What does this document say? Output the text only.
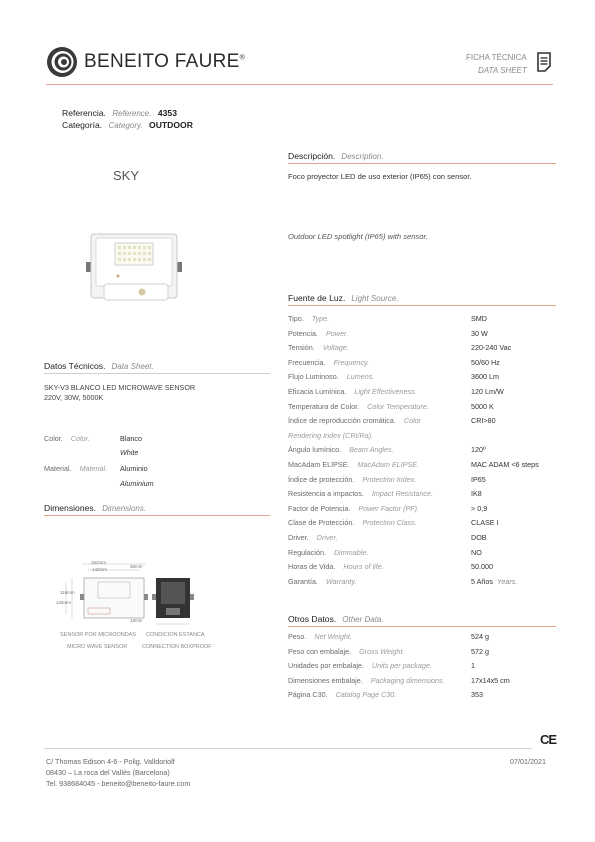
BENEITO FAURE®	FICHA TÉCNICA
DATA SHEET
Referencia. Reference. 4353
Categoría. Category. OUTDOOR
SKY
Datos Técnicos. Data Sheet.
SKY-V3 BLANCO LED MICROWAVE SENSOR
220V, 30W, 5000K
Color. Color.	Blanco
White
Material. Material. Aluminio
Aluminium
Dimensiones. Dimensions.
162mm
142mm
36mm
118mm
126mm
18mm
SENSOR POR MICROONDAS
MICRO WAVE SENSOR
CONDICION ESTANCA
CONNECTION BOXPROOF
Descripción. Description.
Foco proyector LED de uso exterior (IP65) con sensor.
Outdoor LED spotlight (IP65) with sensor.
Fuente de Luz. Light Source.
Tipo. Type.	SMD
Potencia. Power.	30 W
Tensión. Voltage.	220-240 Vac
Frecuencia. Frequency.	50/60 Hz
Flujo Luminoso. Lumens.	3600 Lm
Eficacia Lumínica. Light Effectiveness.	120 Lm/W
Temperatura de Color. Color Temperature.	5000 K
Índice de reproducción cromática. Color	CRI>80
Rendering Index (CRI/Ra).
Ángulo lumínico. Beam Angles.	120º
MacAdam ELIPSE. MacAdam ELIPSE.	MAC ADAM <6 steps
Índice de protección. Protection Index.	IP65
Resistencia a impactos. Impact Resistance.	IK8
Factor de Potencia. Power Factor (PF).	> 0,9
Clase de Protección. Protection Class.	CLASE I
Driver. Driver.	DOB
Regulación. Dimmable.	NO
Horas de Vida. Hours of life.	50.000
Garantía. Warranty.	5 Años Years.
Otros Datos. Other Data.
Peso. Net Weight.	524 g
Peso con embalaje. Gross Weight.	572 g
Unidades por embalaje. Units per package.	1
Dimensiones embalaje. Packaging dimensions.	17x14x5 cm
Página C30. Catalog Page C30.	353
CE
C/ Thomas Edison 4-6 - Polig. Valldoriolf
08430 – La roca del Vallès (Barcelona)
Tel. 938684045 - beneito@beneito-faure.com
07/01/2021
